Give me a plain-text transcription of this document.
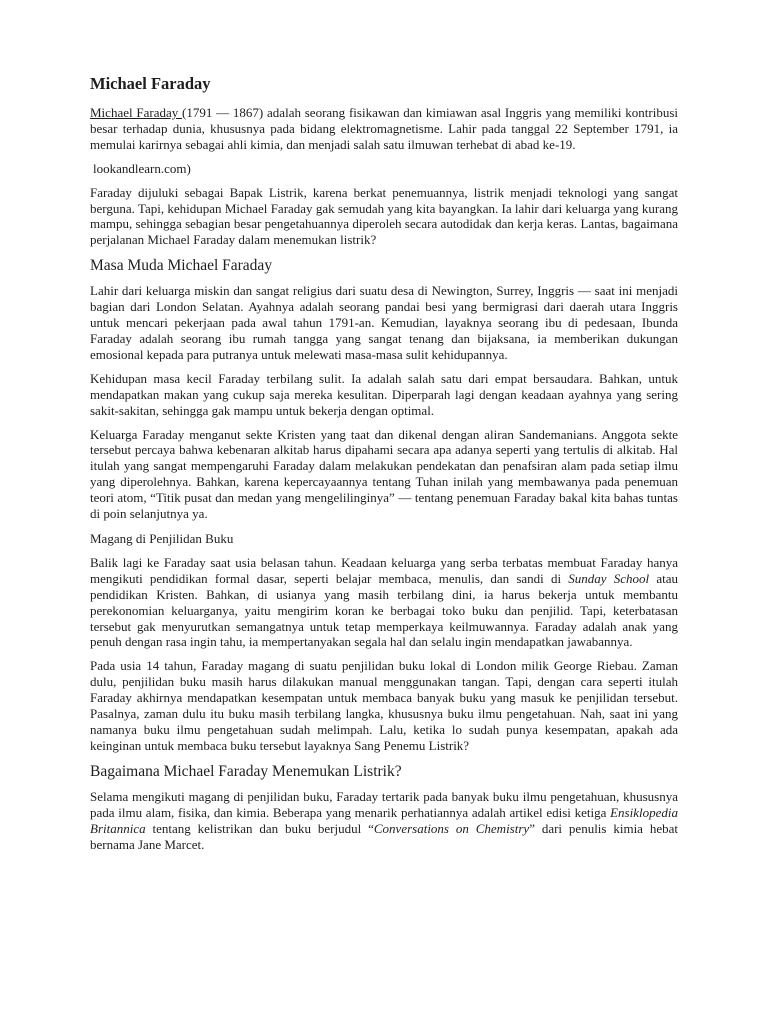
Michael Faraday

Michael Faraday (1791 — 1867) adalah seorang fisikawan dan kimiawan asal Inggris yang memiliki kontribusi besar terhadap dunia, khususnya pada bidang elektromagnetisme. Lahir pada tanggal 22 September 1791, ia memulai karirnya sebagai ahli kimia, dan menjadi salah satu ilmuwan terhebat di abad ke-19.

lookandlearn.com)

Faraday dijuluki sebagai Bapak Listrik, karena berkat penemuannya, listrik menjadi teknologi yang sangat berguna. Tapi, kehidupan Michael Faraday gak semudah yang kita bayangkan. Ia lahir dari keluarga yang kurang mampu, sehingga sebagian besar pengetahuannya diperoleh secara autodidak dan kerja keras. Lantas, bagaimana perjalanan Michael Faraday dalam menemukan listrik?

Masa Muda Michael Faraday

Lahir dari keluarga miskin dan sangat religius dari suatu desa di Newington, Surrey, Inggris — saat ini menjadi bagian dari London Selatan. Ayahnya adalah seorang pandai besi yang bermigrasi dari daerah utara Inggris untuk mencari pekerjaan pada awal tahun 1791-an. Kemudian, layaknya seorang ibu di pedesaan, Ibunda Faraday adalah seorang ibu rumah tangga yang sangat tenang dan bijaksana, ia memberikan dukungan emosional kepada para putranya untuk melewati masa-masa sulit kehidupannya.

Kehidupan masa kecil Faraday terbilang sulit. Ia adalah salah satu dari empat bersaudara. Bahkan, untuk mendapatkan makan yang cukup saja mereka kesulitan. Diperparah lagi dengan keadaan ayahnya yang sering sakit-sakitan, sehingga gak mampu untuk bekerja dengan optimal.

Keluarga Faraday menganut sekte Kristen yang taat dan dikenal dengan aliran Sandemanians. Anggota sekte tersebut percaya bahwa kebenaran alkitab harus dipahami secara apa adanya seperti yang tertulis di alkitab. Hal itulah yang sangat mempengaruhi Faraday dalam melakukan pendekatan dan penafsiran alam pada setiap ilmu yang diperolehnya. Bahkan, karena kepercayaannya tentang Tuhan inilah yang membawanya pada penemuan teori atom, “Titik pusat dan medan yang mengelilinginya” — tentang penemuan Faraday bakal kita bahas tuntas di poin selanjutnya ya.

Magang di Penjilidan Buku

Balik lagi ke Faraday saat usia belasan tahun. Keadaan keluarga yang serba terbatas membuat Faraday hanya mengikuti pendidikan formal dasar, seperti belajar membaca, menulis, dan sandi di Sunday School atau pendidikan Kristen. Bahkan, di usianya yang masih terbilang dini, ia harus bekerja untuk membantu perekonomian keluarganya, yaitu mengirim koran ke berbagai toko buku dan penjilid. Tapi, keterbatasan tersebut gak menyurutkan semangatnya untuk tetap memperkaya keilmuwannya. Faraday adalah anak yang penuh dengan rasa ingin tahu, ia mempertanyakan segala hal dan selalu ingin mendapatkan jawabannya.

Pada usia 14 tahun, Faraday magang di suatu penjilidan buku lokal di London milik George Riebau. Zaman dulu, penjilidan buku masih harus dilakukan manual menggunakan tangan. Tapi, dengan cara seperti itulah Faraday akhirnya mendapatkan kesempatan untuk membaca banyak buku yang masuk ke penjilidan tersebut. Pasalnya, zaman dulu itu buku masih terbilang langka, khususnya buku ilmu pengetahuan. Nah, saat ini yang namanya buku ilmu pengetahuan sudah melimpah. Lalu, ketika lo sudah punya kesempatan, apakah ada keinginan untuk membaca buku tersebut layaknya Sang Penemu Listrik?

Bagaimana Michael Faraday Menemukan Listrik?

Selama mengikuti magang di penjilidan buku, Faraday tertarik pada banyak buku ilmu pengetahuan, khususnya pada ilmu alam, fisika, dan kimia. Beberapa yang menarik perhatiannya adalah artikel edisi ketiga Ensiklopedia Britannica tentang kelistrikan dan buku berjudul “Conversations on Chemistry” dari penulis kimia hebat bernama Jane Marcet.
